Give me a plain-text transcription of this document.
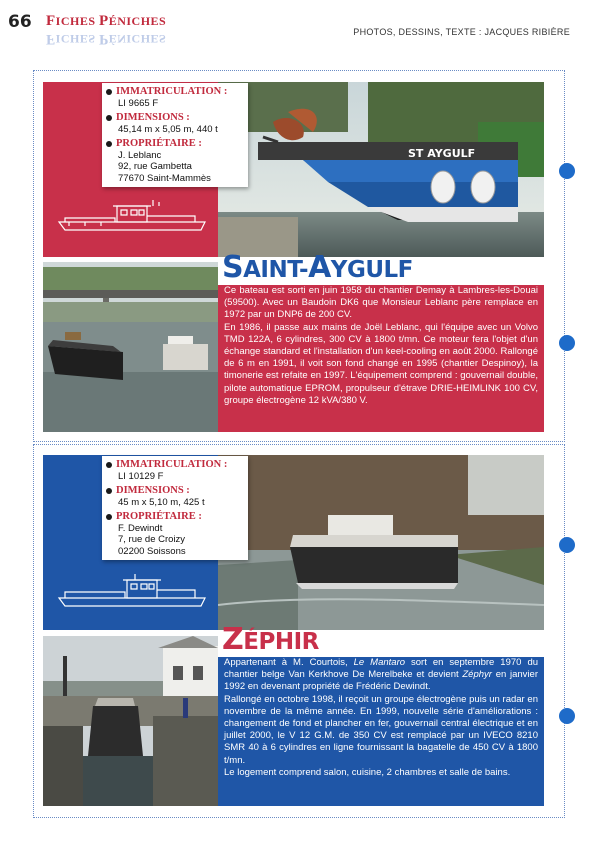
66 FICHES PÉNICHES
FICHES PÉNICHES	PHOTOS, DESSINS, TEXTE : JACQUES RIBIÈRE
ST AYGULF
IMMATRICULATION :
LI 9665 F
DIMENSIONS :
45,14 m x 5,05 m, 440 t
PROPRIÉTAIRE :
J. Leblanc
92, rue Gambetta
77670 Saint-Mammès
SAINT-AYGULF

Ce bateau est sorti en juin 1958 du chantier Demay à Lambres-les-Douai (59500). Avec un Baudoin DK6 que Monsieur Leblanc père remplace en 1972 par un DNP6 de 200 CV.

En 1986, il passe aux mains de Joël Leblanc, qui l'équipe avec un Volvo TMD 122A, 6 cylindres, 300 CV à 1800 t/mn. Ce moteur fera l'objet d'un échange standard et l'installation d'un keel-cooling en août 2000. Rallongé de 6 m en 1991, il voit son fond changé en 1995 (chantier Despinoy), la timonerie est refaite en 1997. L'équipement comprend : gouvernail double, pilote automatique EPROM, propulseur d'étrave DRIE-HEIMLINK 100 CV, groupe électrogène 12 kVA/380 V.

IMMATRICULATION :
LI 10129 F
DIMENSIONS :
45 m x 5,10 m, 425 t
PROPRIÉTAIRE :
F. Dewindt
7, rue de Croizy
02200 Soissons
ZÉPHIR

Appartenant à M. Courtois, Le Mantaro sort en septembre 1970 du chantier belge Van Kerkhove De Merelbeke et devient Zéphyr en janvier 1992 en devenant propriété de Frédéric Dewindt.

Rallongé en octobre 1998, il reçoit un groupe électrogène puis un radar en novembre de la même année. En 1999, nouvelle série d'améliorations : changement de fond et plancher en fer, gouvernail central électrique et en juillet 2000, le V 12 G.M. de 350 CV est remplacé par un IVECO 8210 SMR 40 à 6 cylindres en ligne fournissant la bagatelle de 450 CV à 1800 t/mn.

Le logement comprend salon, cuisine, 2 chambres et salle de bains.
